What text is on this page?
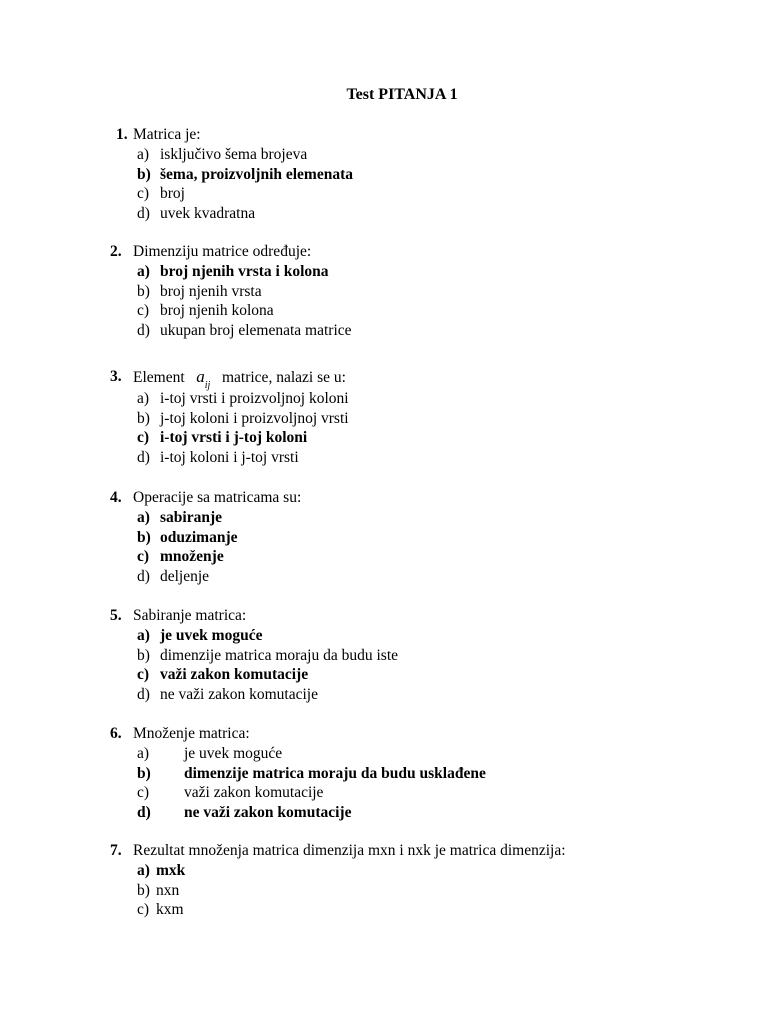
Test PITANJA 1
1. Matrica je:
a) isključivo šema brojeva
b) šema, proizvoljnih elemenata
c) broj
d) uvek kvadratna
2. Dimenziju matrice određuje:
a) broj njenih vrsta i kolona
b) broj njenih vrsta
c) broj njenih kolona
d) ukupan broj elemenata matrice
3. Element $a_{ij}$ matrice, nalazi se u:
a) i-toj vrsti i proizvoljnoj koloni
b) j-toj koloni i proizvoljnoj vrsti
c) i-toj vrsti i j-toj koloni
d) i-toj koloni i j-toj vrsti
4. Operacije sa matricama su:
a) sabiranje
b) oduzimanje
c) množenje
d) deljenje
5. Sabiranje matrica:
a) je uvek moguće
b) dimenzije matrica moraju da budu iste
c) važi zakon komutacije
d) ne važi zakon komutacije
6. Množenje matrica:
a) je uvek moguće
b) dimenzije matrica moraju da budu usklađene
c) važi zakon komutacije
d) ne važi zakon komutacije
7. Rezultat množenja matrica dimenzija mxn i nxk je matrica dimenzija:
a) mxk
b) nxn
c) kxm
